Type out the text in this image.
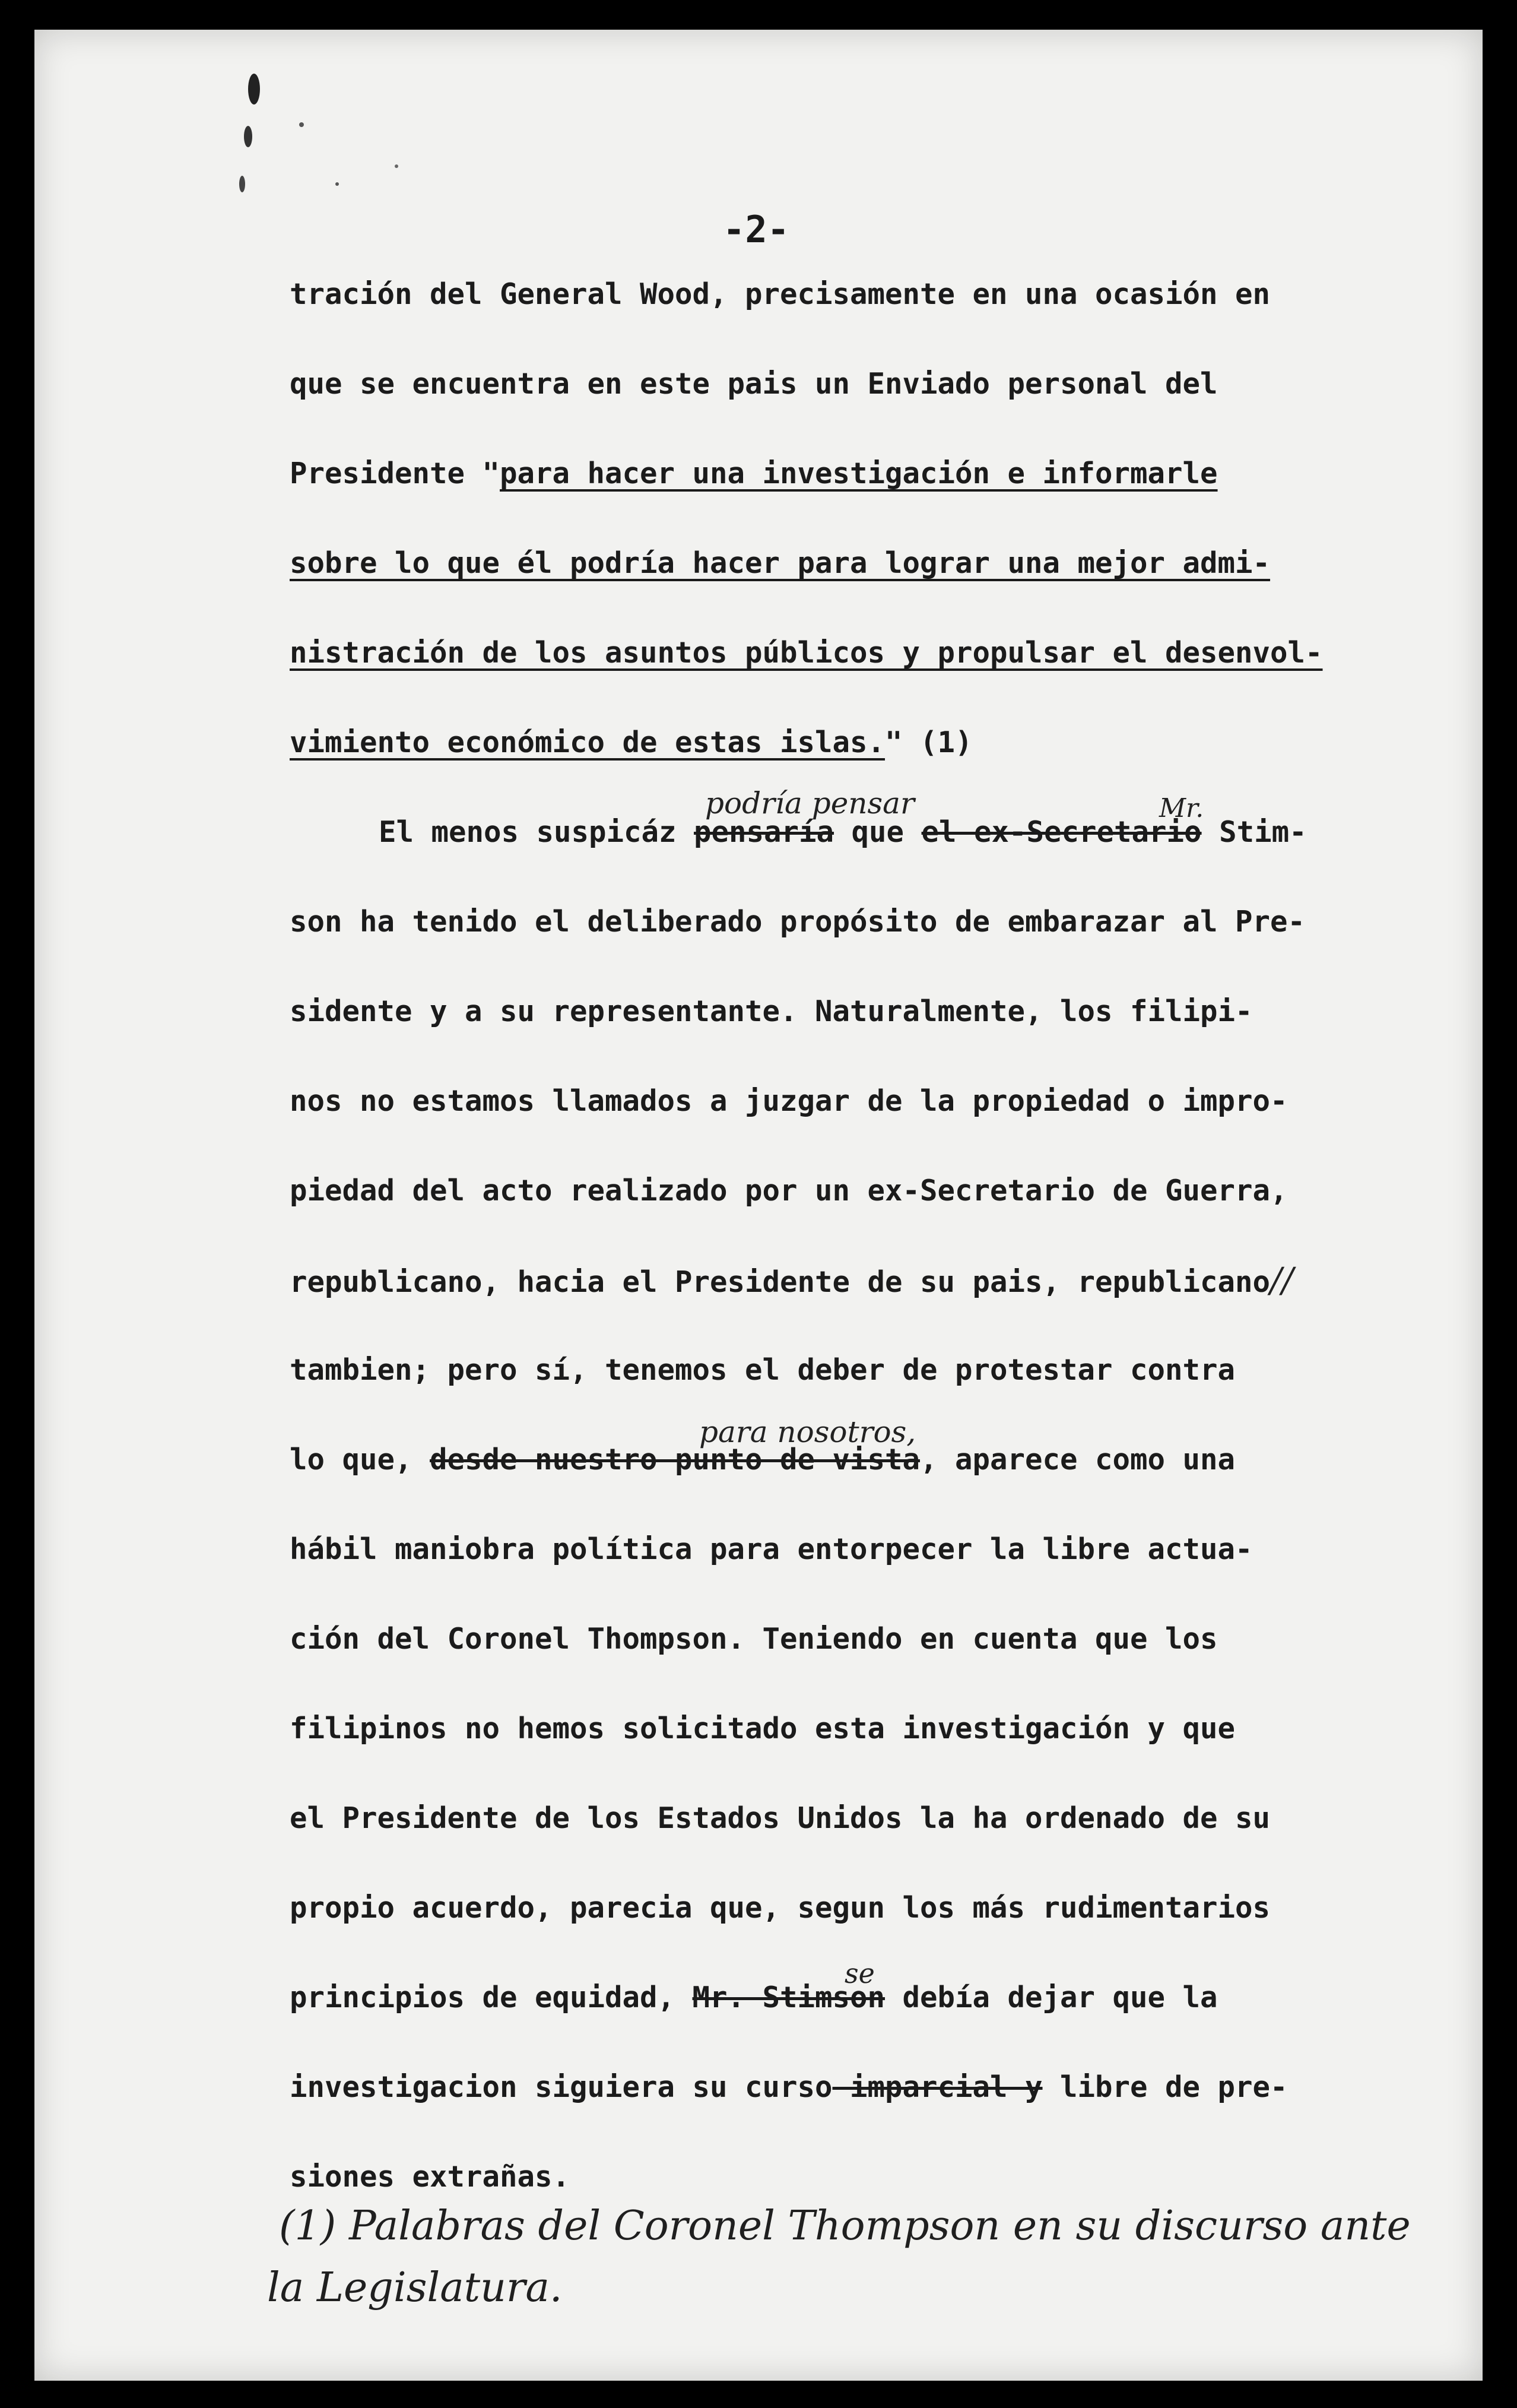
-2-
tración del General Wood, precisamente en una ocasión en
que se encuentra en este pais un Enviado personal del
Presidente "para hacer una investigación e informarle
sobre lo que él podría hacer para lograr una mejor admi-
nistración de los asuntos públicos y propulsar el desenvol-
vimiento económico de estas islas." (1)
El menos suspicáz pensaría que el ex-Secretario Stim-
podría pensar	Mr.
son ha tenido el deliberado propósito de embarazar al Pre-
sidente y a su representante. Naturalmente, los filipi-
nos no estamos llamados a juzgar de la propiedad o impro-
piedad del acto realizado por un ex-Secretario de Guerra,
republicano, hacia el Presidente de su pais, republicano//
tambien; pero sí, tenemos el deber de protestar contra
lo que, desde nuestro punto de vista, aparece como una
para nosotros,
hábil maniobra política para entorpecer la libre actua-
ción del Coronel Thompson. Teniendo en cuenta que los
filipinos no hemos solicitado esta investigación y que
el Presidente de los Estados Unidos la ha ordenado de su
propio acuerdo, parecia que, segun los más rudimentarios
principios de equidad, Mr. Stimson debía dejar que la
se
investigacion siguiera su curso imparcial y libre de pre-
siones extrañas.
(1) Palabras del Coronel Thompson en su discurso ante
la Legislatura.
